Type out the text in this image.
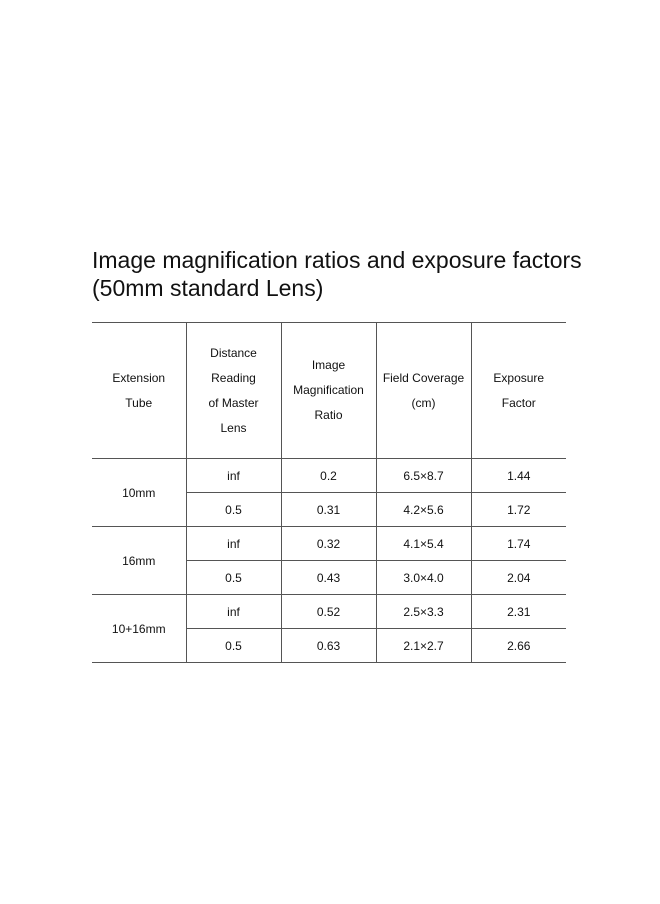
Image magnification ratios and exposure factors
(50mm standard Lens)
Extension
Tube	Distance
Reading
of Master
Lens	Image
Magnification
Ratio	Field Coverage
(cm)	Exposure
Factor

10mm	inf	0.2	6.5×8.7	1.44
	0.5	0.31	4.2×5.6	1.72
16mm	inf	0.32	4.1×5.4	1.74
	0.5	0.43	3.0×4.0	2.04
10+16mm	inf	0.52	2.5×3.3	2.31
	0.5	0.63	2.1×2.7	2.66
